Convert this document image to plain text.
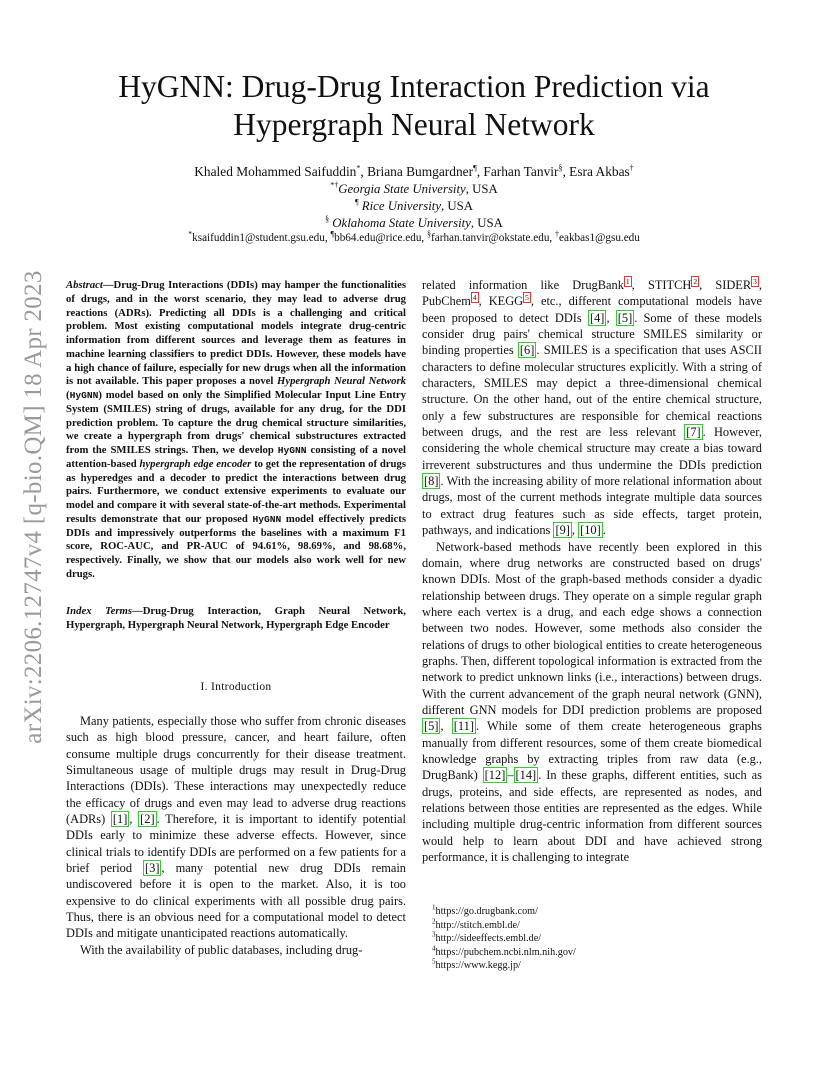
arXiv:2206.12747v4 [q-bio.QM] 18 Apr 2023
HyGNN: Drug-Drug Interaction Prediction via
Hypergraph Neural Network
Khaled Mohammed Saifuddin*, Briana Bumgardner¶, Farhan Tanvir§, Esra Akbas†
*†Georgia State University, USA
¶ Rice University, USA
§ Oklahoma State University, USA
*ksaifuddin1@student.gsu.edu, ¶bb64.edu@rice.edu, §farhan.tanvir@okstate.edu, †eakbas1@gsu.edu

Abstract—Drug-Drug Interactions (DDIs) may hamper the functionalities of drugs, and in the worst scenario, they may lead to adverse drug reactions (ADRs). Predicting all DDIs is a challenging and critical problem. Most existing computational models integrate drug-centric information from different sources and leverage them as features in machine learning classifiers to predict DDIs. However, these models have a high chance of failure, especially for new drugs when all the information is not available. This paper proposes a novel Hypergraph Neural Network (HyGNN) model based on only the Simplified Molecular Input Line Entry System (SMILES) string of drugs, available for any drug, for the DDI prediction problem. To capture the drug chemical structure similarities, we create a hypergraph from drugs' chemical substructures extracted from the SMILES strings. Then, we develop HyGNN consisting of a novel attention-based hypergraph edge encoder to get the representation of drugs as hyperedges and a decoder to predict the interactions between drug pairs. Furthermore, we conduct extensive experiments to evaluate our model and compare it with several state-of-the-art methods. Experimental results demonstrate that our proposed HyGNN model effectively predicts DDIs and impressively outperforms the baselines with a maximum F1 score, ROC-AUC, and PR-AUC of 94.61%, 98.69%, and 98.68%, respectively. Finally, we show that our models also work well for new drugs.

Index Terms—Drug-Drug Interaction, Graph Neural Network, Hypergraph, Hypergraph Neural Network, Hypergraph Edge Encoder
I. Introduction

Many patients, especially those who suffer from chronic diseases such as high blood pressure, cancer, and heart failure, often consume multiple drugs concurrently for their disease treatment. Simultaneous usage of multiple drugs may result in Drug-Drug Interactions (DDIs). These interactions may unexpectedly reduce the efficacy of drugs and even may lead to adverse drug reactions (ADRs) [1] , [2] . Therefore, it is important to identify potential DDIs early to minimize these adverse effects. However, since clinical trials to identify DDIs are performed on a few patients for a brief period [3] , many potential new drug DDIs remain undiscovered before it is open to the market. Also, it is too expensive to do clinical experiments with all possible drug pairs. Thus, there is an obvious need for a computational model to detect DDIs and mitigate unanticipated reactions automatically.

With the availability of public databases, including drug-

related information like DrugBank $^1$ , STITCH $^2$ , SIDER $^3$ , PubChem $^4$ , KEGG $^5$ , etc., different computational models have been proposed to detect DDIs [4] , [5] . Some of these models consider drug pairs' chemical structure SMILES similarity or binding properties [6] . SMILES is a specification that uses ASCII characters to define molecular structures explicitly. With a string of characters, SMILES may depict a three-dimensional chemical structure. On the other hand, out of the entire chemical structure, only a few substructures are responsible for chemical reactions between drugs, and the rest are less relevant [7] . However, considering the whole chemical structure may create a bias toward irreverent substructures and thus undermine the DDIs prediction [8] . With the increasing ability of more relational information about drugs, most of the current methods integrate multiple data sources to extract drug features such as side effects, target protein, pathways, and indications [9] , [10] .

Network-based methods have recently been explored in this domain, where drug networks are constructed based on drugs' known DDIs. Most of the graph-based methods consider a dyadic relationship between drugs. They operate on a simple regular graph where each vertex is a drug, and each edge shows a connection between two nodes. However, some methods also consider the relations of drugs to other biological entities to create heterogeneous graphs. Then, different topological information is extracted from the network to predict unknown links (i.e., interactions) between drugs. With the current advancement of the graph neural network (GNN), different GNN models for DDI prediction problems are proposed [5] , [11] . While some of them create heterogeneous graphs manually from different resources, some of them create biomedical knowledge graphs by extracting triples from raw data (e.g., DrugBank) [12] – [14] . In these graphs, different entities, such as drugs, proteins, and side effects, are represented as nodes, and relations between those entities are represented as the edges. While including multiple drug-centric information from different sources would help to learn about DDI and have achieved strong performance, it is challenging to integrate

$^1$https://go.drugbank.com/
$^2$http://stitch.embl.de/
$^3$http://sideeffects.embl.de/
$^4$https://pubchem.ncbi.nlm.nih.gov/
$^5$https://www.kegg.jp/
